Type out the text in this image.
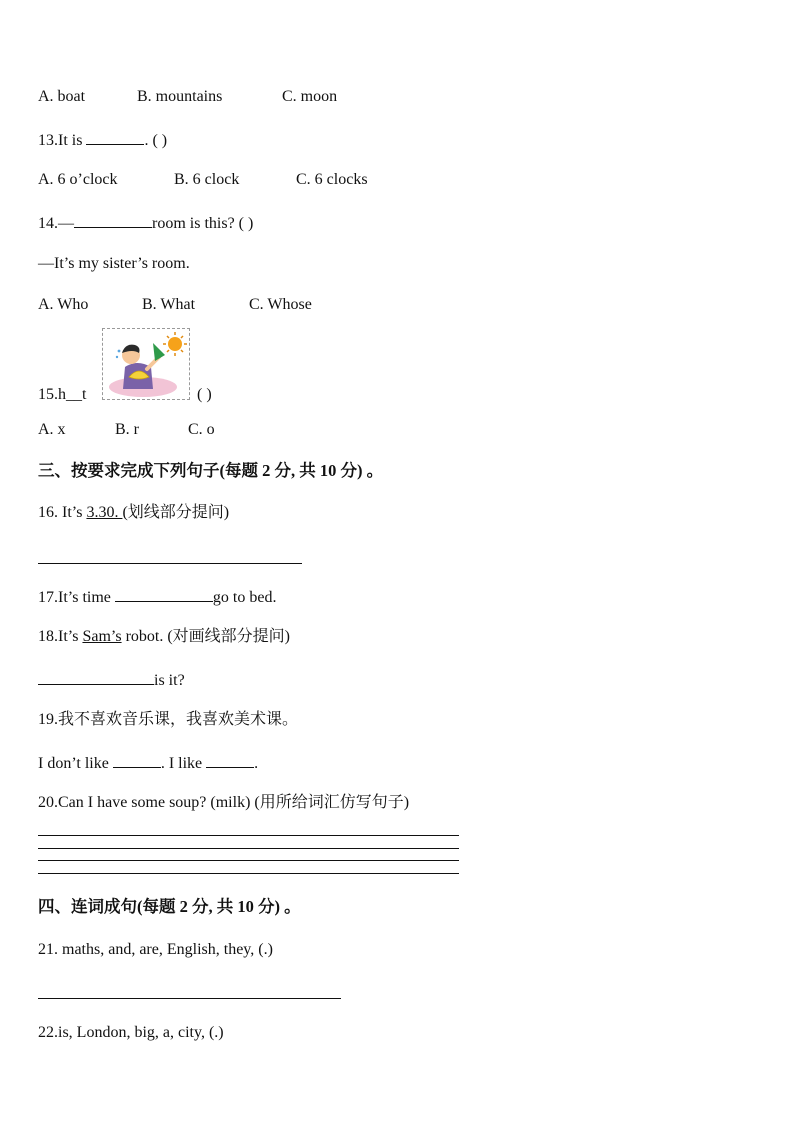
A. boat	B. mountains	C. moon
13.It is	. ( )
A. 6 o’clock	B. 6 clock	C. 6 clocks
14.—	room is this? ( )
—It’s my sister’s room.
A. Who	B. What	C. Whose
15.h__t	( )
A. x	B. r	C. o
三、按要求完成下列句子(每题 2 分, 共 10 分) 。
16. It’s 3.30. (划线部分提问)
17.It’s time	go to bed.
18.It’s Sam’s robot. (对画线部分提问)
is it?
19.我不喜欢音乐课，我喜欢美术课。
I don’t like	. I like	.
20.Can I have some soup? (milk) (用所给词汇仿写句子)
四、连词成句(每题 2 分, 共 10 分) 。
21. maths, and, are, English, they, (.)
22.is, London, big, a, city, (.)
